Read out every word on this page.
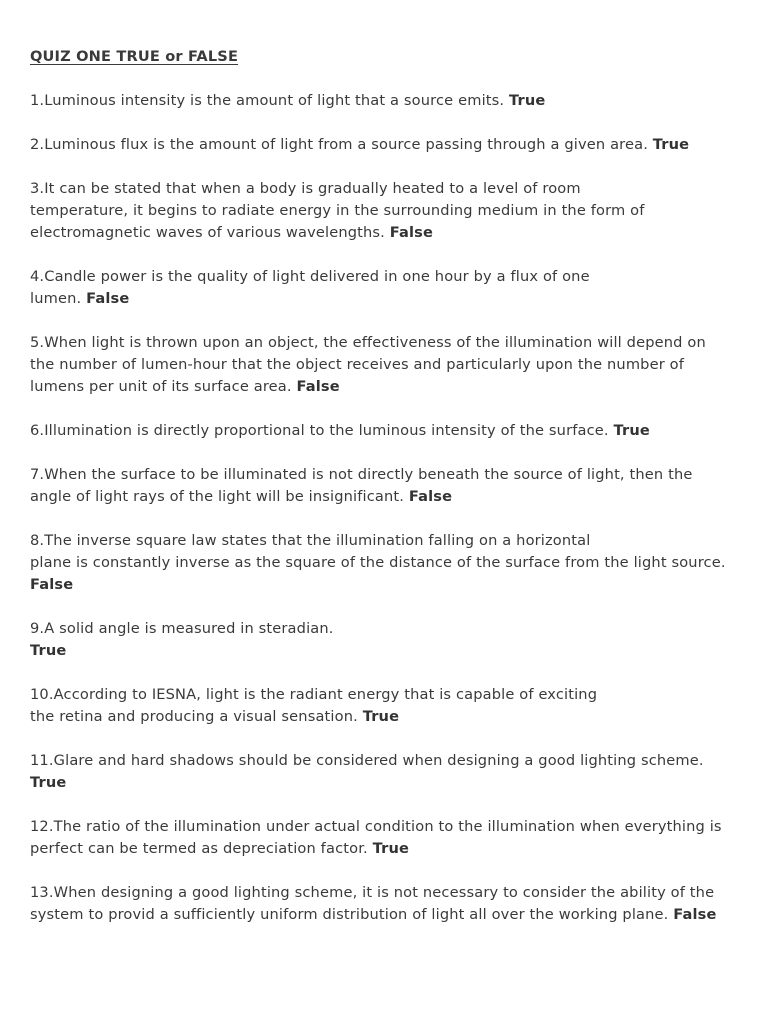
QUIZ ONE TRUE or FALSE
1.Luminous intensity is the amount of light that a source emits. True
2.Luminous flux is the amount of light from a source passing through a given area. True
3.It can be stated that when a body is gradually heated to a level of room
temperature, it begins to radiate energy in the surrounding medium in the form of
electromagnetic waves of various wavelengths. False
4.Candle power is the quality of light delivered in one hour by a flux of one
lumen. False
5.When light is thrown upon an object, the effectiveness of the illumination will depend on
the number of lumen-hour that the object receives and particularly upon the number of
lumens per unit of its surface area. False
6.Illumination is directly proportional to the luminous intensity of the surface. True
7.When the surface to be illuminated is not directly beneath the source of light, then the
angle of light rays of the light will be insignificant. False
8.The inverse square law states that the illumination falling on a horizontal
plane is constantly inverse as the square of the distance of the surface from the light source.
False
9.A solid angle is measured in steradian.
True
10.According to IESNA, light is the radiant energy that is capable of exciting
the retina and producing a visual sensation. True
11.Glare and hard shadows should be considered when designing a good lighting scheme.
True
12.The ratio of the illumination under actual condition to the illumination when everything is
perfect can be termed as depreciation factor. True
13.When designing a good lighting scheme, it is not necessary to consider the ability of the
system to provid a sufficiently uniform distribution of light all over the working plane. False
